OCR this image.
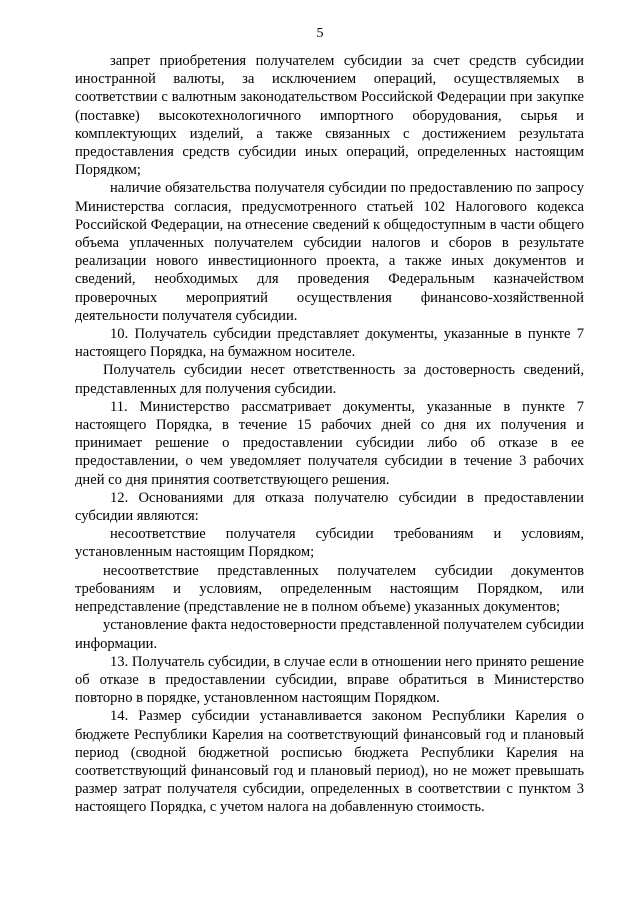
5

запрет приобретения получателем субсидии за счет средств субсидии иностранной валюты, за исключением операций, осуществляемых в соответствии с валютным законодательством Российской Федерации при закупке (поставке) высокотехнологичного импортного оборудования, сырья и комплектующих изделий, а также связанных с достижением результата предоставления средств субсидии иных операций, определенных настоящим Порядком;

наличие обязательства получателя субсидии по предоставлению по запросу Министерства согласия, предусмотренного статьей 102 Налогового кодекса Российской Федерации, на отнесение сведений к общедоступным в части общего объема уплаченных получателем субсидии налогов и сборов в результате реализации нового инвестиционного проекта, а также иных документов и сведений, необходимых для проведения Федеральным казначейством проверочных мероприятий осуществления финансово-хозяйственной деятельности получателя субсидии.

10. Получатель субсидии представляет документы, указанные в пункте 7 настоящего Порядка, на бумажном носителе.

Получатель субсидии несет ответственность за достоверность сведений, представленных для получения субсидии.

11. Министерство рассматривает документы, указанные в пункте 7 настоящего Порядка, в течение 15 рабочих дней со дня их получения и принимает решение о предоставлении субсидии либо об отказе в ее предоставлении, о чем уведомляет получателя субсидии в течение 3 рабочих дней со дня принятия соответствующего решения.

12. Основаниями для отказа получателю субсидии в предоставлении субсидии являются:

несоответствие получателя субсидии требованиям и условиям, установленным настоящим Порядком;

несоответствие представленных получателем субсидии документов требованиям и условиям, определенным настоящим Порядком, или непредставление (представление не в полном объеме) указанных документов;

установление факта недостоверности представленной получателем субсидии информации.

13. Получатель субсидии, в случае если в отношении него принято решение об отказе в предоставлении субсидии, вправе обратиться в Министерство повторно в порядке, установленном настоящим Порядком.

14. Размер субсидии устанавливается законом Республики Карелия о бюджете Республики Карелия на соответствующий финансовый год и плановый период (сводной бюджетной росписью бюджета Республики Карелия на соответствующий финансовый год и плановый период), но не может превышать размер затрат получателя субсидии, определенных в соответствии с пунктом 3 настоящего Порядка, с учетом налога на добавленную стоимость.
